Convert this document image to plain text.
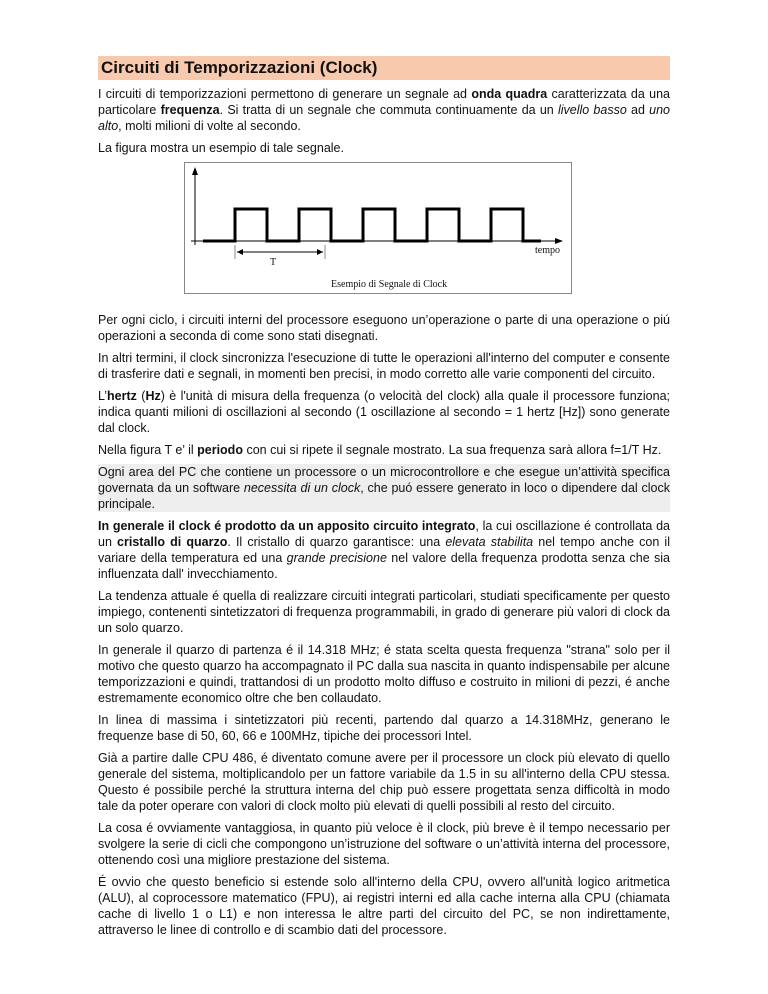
Circuiti di Temporizzazioni (Clock)

I circuiti di temporizzazioni permettono di generare un segnale ad onda quadra caratterizzata da una particolare frequenza. Si tratta di un segnale che commuta continuamente da un livello basso ad uno alto, molti milioni di volte al secondo.

La figura mostra un esempio di tale segnale.

T
tempo
Esempio di Segnale di Clock

Per ogni ciclo, i circuiti interni del processore eseguono un’operazione o parte di una operazione o piú operazioni a seconda di come sono stati disegnati.

In altri termini, il clock sincronizza l'esecuzione di tutte le operazioni all'interno del computer e consente di trasferire dati e segnali, in momenti ben precisi, in modo corretto alle varie componenti del circuito.

L’hertz (Hz) è l'unità di misura della frequenza (o velocità del clock) alla quale il processore funziona; indica quanti milioni di oscillazioni al secondo (1 oscillazione al secondo = 1 hertz [Hz]) sono generate dal clock.

Nella figura T e’ il periodo con cui si ripete il segnale mostrato. La sua frequenza sarà allora f=1/T Hz.

Ogni area del PC che contiene un processore o un microcontrollore e che esegue un’attività specifica governata da un software necessita di un clock, che puó essere generato in loco o dipendere dal clock principale.

In generale il clock é prodotto da un apposito circuito integrato, la cui oscillazione é controllata da un cristallo di quarzo. Il cristallo di quarzo garantisce: una elevata stabilita nel tempo anche con il variare della temperatura ed una grande precisione nel valore della frequenza prodotta senza che sia influenzata dall' invecchiamento.

La tendenza attuale é quella di realizzare circuiti integrati particolari, studiati specificamente per questo impiego, contenenti sintetizzatori di frequenza programmabili, in grado di generare più valori di clock da un solo quarzo.

In generale il quarzo di partenza é il 14.318 MHz; é stata scelta questa frequenza "strana" solo per il motivo che questo quarzo ha accompagnato il PC dalla sua nascita in quanto indispensabile per alcune temporizzazioni e quindi, trattandosi di un prodotto molto diffuso e costruito in milioni di pezzi, é anche estremamente economico oltre che ben collaudato.

In linea di massima i sintetizzatori più recenti, partendo dal quarzo a 14.318MHz, generano le frequenze base di 50, 60, 66 e 100MHz, tipiche dei processori Intel.

Già a partire dalle CPU 486, é diventato comune avere per il processore un clock più elevato di quello generale del sistema, moltiplicandolo per un fattore variabile da 1.5 in su all'interno della CPU stessa. Questo é possibile perché la struttura interna del chip può essere progettata senza difficoltà in modo tale da poter operare con valori di clock molto più elevati di quelli possibili al resto del circuito.

La cosa é ovviamente vantaggiosa, in quanto più veloce è il clock, più breve è il tempo necessario per svolgere la serie di cicli che compongono un’istruzione del software o un’attività interna del processore, ottenendo così una migliore prestazione del sistema.

É ovvio che questo beneficio si estende solo all'interno della CPU, ovvero all'unità logico aritmetica (ALU), al coprocessore matematico (FPU), ai registri interni ed alla cache interna alla CPU (chiamata cache di livello 1 o L1) e non interessa le altre parti del circuito del PC, se non indirettamente, attraverso le linee di controllo e di scambio dati del processore.
